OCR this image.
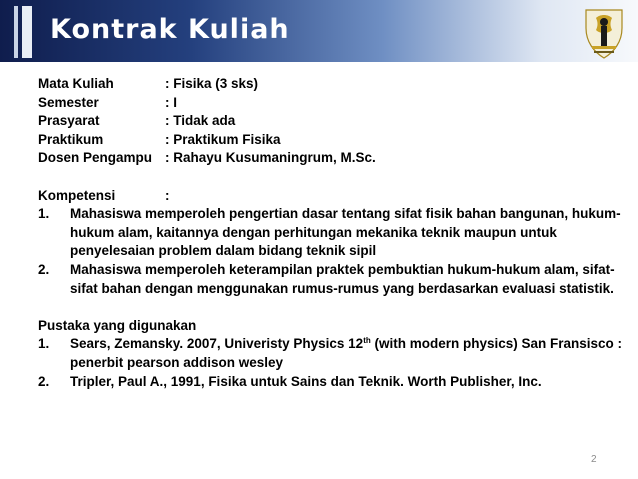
Kontrak Kuliah
Mata Kuliah	: Fisika (3 sks)
Semester	: I
Prasyarat	: Tidak ada
Praktikum	: Praktikum Fisika
Dosen Pengampu : Rahayu Kusumaningrum, M.Sc.
Kompetensi	:
1.	Mahasiswa memperoleh pengertian dasar tentang sifat fisik bahan bangunan, hukum-hukum alam, kaitannya dengan perhitungan mekanika teknik maupun untuk penyelesaian problem dalam bidang teknik sipil
2.	Mahasiswa memperoleh keterampilan praktek pembuktian hukum-hukum alam, sifat-sifat bahan dengan menggunakan rumus-rumus yang berdasarkan evaluasi statistik.
Pustaka yang digunakan
1.	Sears, Zemansky. 2007, Univeristy Physics 12th (with modern physics) San Fransisco : penerbit pearson addison wesley
2.	Tripler, Paul A., 1991, Fisika untuk Sains dan Teknik. Worth Publisher, Inc.
2
